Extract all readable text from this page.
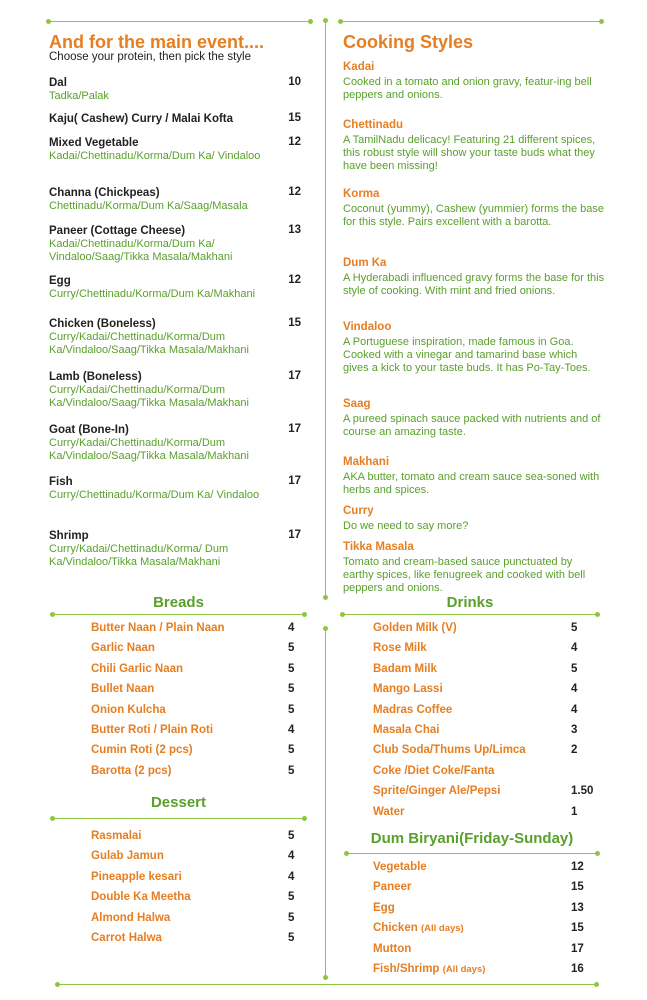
And for the main event....
Choose your protein, then pick the style
Dal	10
Tadka/Palak
Kaju( Cashew) Curry / Malai Kofta	15
Mixed Vegetable	12
Kadai/Chettinadu/Korma/Dum Ka/ Vindaloo
Channa (Chickpeas)	12
Chettinadu/Korma/Dum Ka/Saag/Masala
Paneer (Cottage Cheese)	13
Kadai/Chettinadu/Korma/Dum Ka/ Vindaloo/Saag/Tikka Masala/Makhani
Egg	12
Curry/Chettinadu/Korma/Dum Ka/Makhani
Chicken (Boneless)	15
Curry/Kadai/Chettinadu/Korma/Dum Ka/Vindaloo/Saag/Tikka Masala/Makhani
Lamb (Boneless)	17
Curry/Kadai/Chettinadu/Korma/Dum Ka/Vindaloo/Saag/Tikka Masala/Makhani
Goat (Bone-In)	17
Curry/Kadai/Chettinadu/Korma/Dum Ka/Vindaloo/Saag/Tikka Masala/Makhani
Fish	17
Curry/Chettinadu/Korma/Dum Ka/ Vindaloo
Shrimp	17
Curry/Kadai/Chettinadu/Korma/ Dum Ka/Vindaloo/Tikka Masala/Makhani
Cooking Styles
Kadai
Cooked in a tomato and onion gravy, featur-ing bell peppers and onions.
Chettinadu
A TamilNadu delicacy! Featuring 21 different spices, this robust style will show your taste buds what they have been missing!
Korma
Coconut (yummy), Cashew (yummier) forms the base for this style. Pairs excellent with a barotta.
Dum Ka
A Hyderabadi influenced gravy forms the base for this style of cooking. With mint and fried onions.
Vindaloo
A Portuguese inspiration, made famous in Goa. Cooked with a vinegar and tamarind base which gives a kick to your taste buds. It has Po-Tay-Toes.
Saag
A pureed spinach sauce packed with nutrients and of course an amazing taste.
Makhani
AKA butter, tomato and cream sauce sea-soned with herbs and spices.
Curry
Do we need to say more?
Tikka Masala
Tomato and cream-based sauce punctuated by earthy spices, like fenugreek and cooked with bell peppers and onions.
Breads
Butter Naan / Plain Naan	4
Garlic Naan	5
Chili Garlic Naan	5
Bullet Naan	5
Onion Kulcha	5
Butter Roti / Plain Roti	4
Cumin Roti (2 pcs)	5
Barotta (2 pcs)	5
Dessert
Rasmalai	5
Gulab Jamun	4
Pineapple kesari	4
Double Ka Meetha	5
Almond Halwa	5
Carrot Halwa	5
Drinks
Golden Milk (V)	5
Rose Milk	4
Badam Milk	5
Mango Lassi	4
Madras Coffee	4
Masala Chai	3
Club Soda/Thums Up/Limca	2
Coke /Diet Coke/Fanta
Sprite/Ginger Ale/Pepsi	1.50
Water	1
Dum Biryani(Friday-Sunday)
Vegetable	12
Paneer	15
Egg	13
Chicken (All days)	15
Mutton	17
Fish/Shrimp (All days)	16
